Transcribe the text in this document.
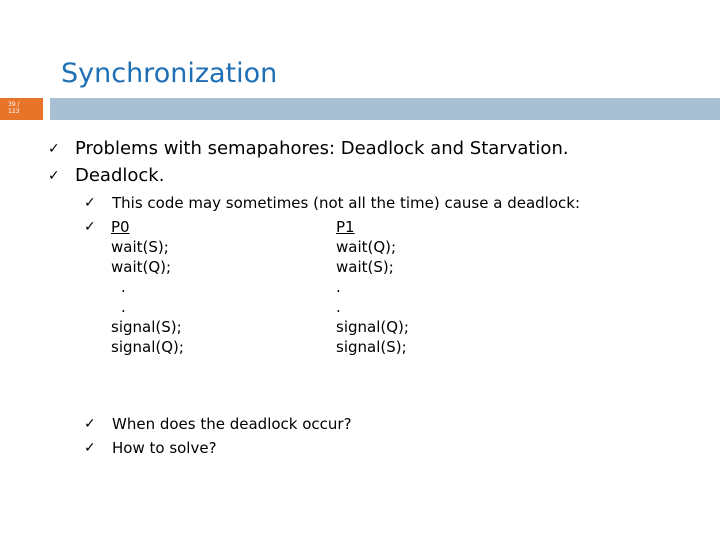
Synchronization
39 /
123
✓ Problems with semapahores: Deadlock and Starvation.
✓ Deadlock.
✓ This code may sometimes (not all the time) cause a deadlock:
✓ P0
wait(S);
wait(Q);
.
.
signal(S);
signal(Q);
P1
wait(Q);
wait(S);
.
.
signal(Q);
signal(S);
✓ When does the deadlock occur?
✓ How to solve?
